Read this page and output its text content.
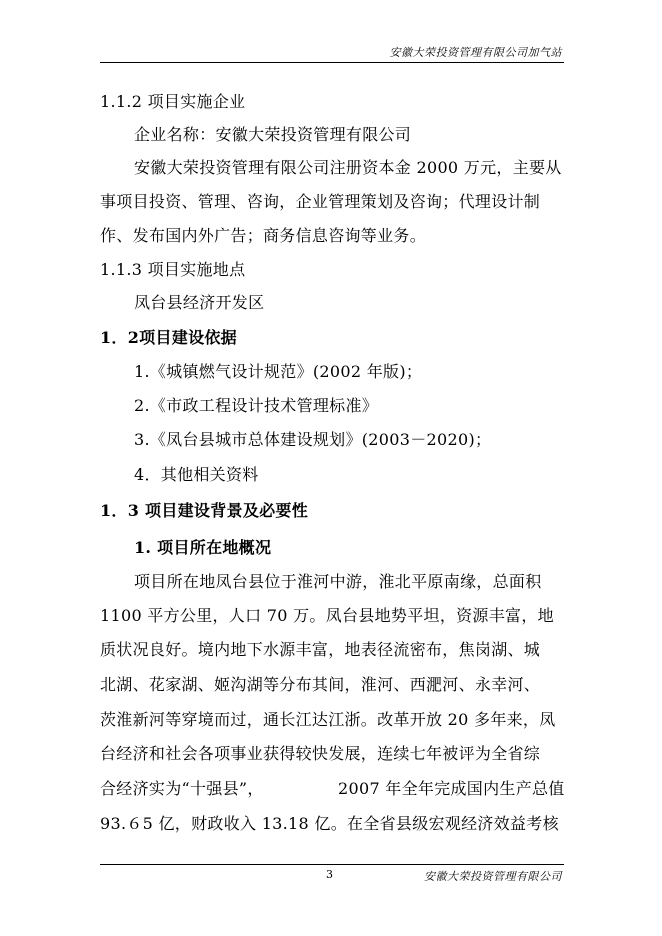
安徽大荣投资管理有限公司加气站
1.1.2 项目实施企业
企业名称：安徽大荣投资管理有限公司
安徽大荣投资管理有限公司注册资本金 2000 万元，主要从
事项目投资、管理、咨询，企业管理策划及咨询；代理设计制
作、发布国内外广告；商务信息咨询等业务。
1.1.3 项目实施地点
凤台县经济开发区
1．2项目建设依据
1.《城镇燃气设计规范》(2002 年版)；
2.《市政工程设计技术管理标准》
3.《凤台县城市总体建设规划》(2003－2020)；
4．其他相关资料
1．3 项目建设背景及必要性
1. 项目所在地概况
项目所在地凤台县位于淮河中游，淮北平原南缘，总面积
1100 平方公里，人口 70 万。凤台县地势平坦，资源丰富，地
质状况良好。境内地下水源丰富，地表径流密布，焦岗湖、城
北湖、花家湖、姬沟湖等分布其间，淮河、西淝河、永幸河、
茨淮新河等穿境而过，通长江达江浙。改革开放 20 多年来，凤
台经济和社会各项事业获得较快发展，连续七年被评为全省综
合经济实为“十强县”，	2007 年全年完成国内生产总值
93.６5 亿，财政收入 13.18 亿。在全省县级宏观经济效益考核
3	安徽大荣投资管理有限公司
